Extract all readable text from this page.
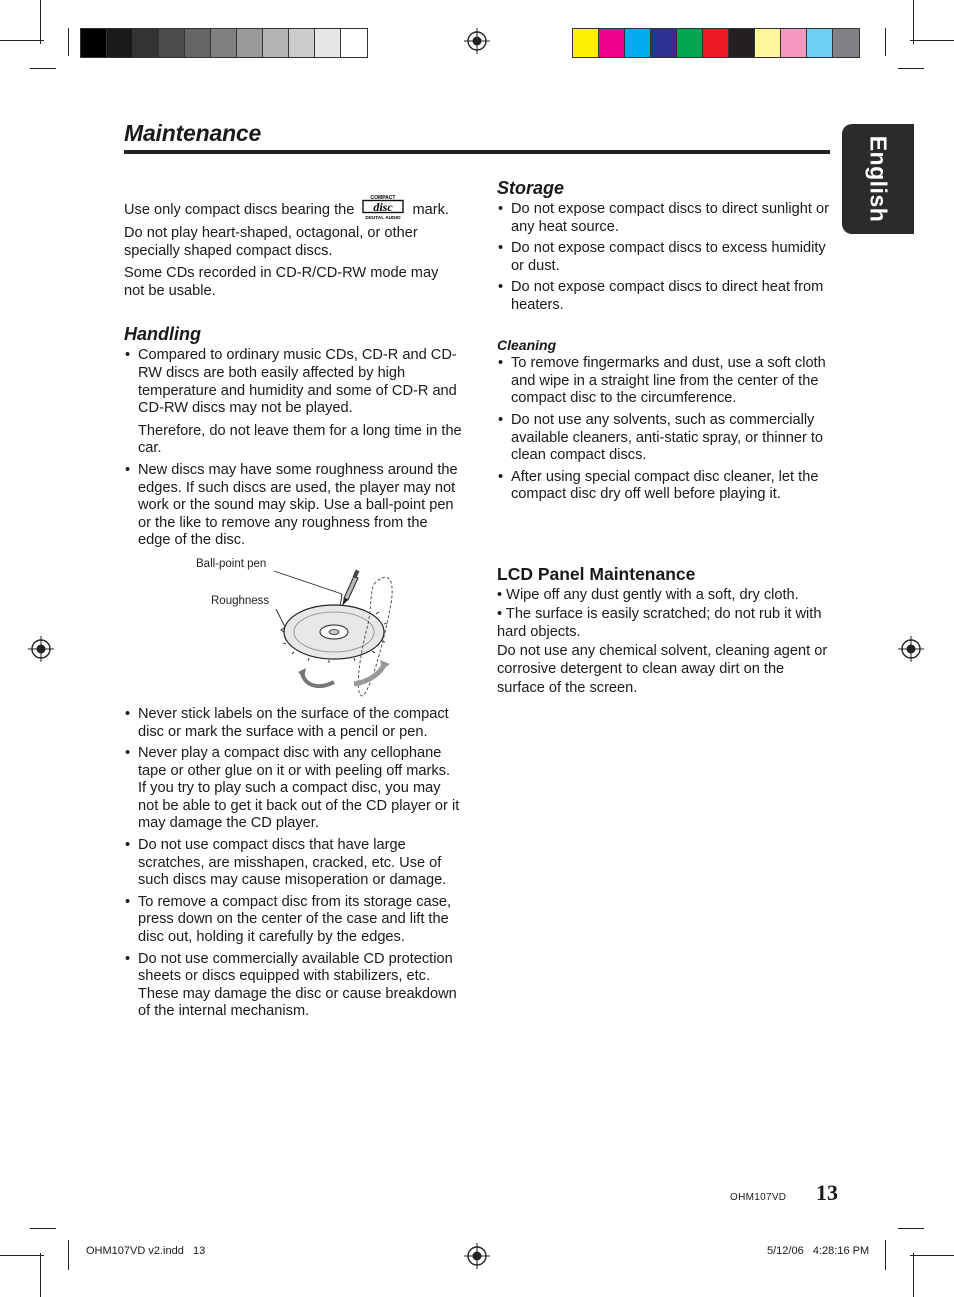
Maintenance
English

Use only compact discs bearing the
COMPACT
disc
DIGITAL AUDIO
mark.

Do not play heart-shaped, octagonal, or other specially shaped compact discs.

Some CDs recorded in CD-R/CD-RW mode may not be usable.

Handling
• Compared to ordinary music CDs, CD-R and CD-RW discs are both easily affected by high temperature and humidity and some of CD-R and CD-RW discs may not be played.
Therefore, do not leave them for a long time in the car.
• New discs may have some roughness around the edges. If such discs are used, the player may not work or the sound may skip. Use a ball-point pen or the like to remove any roughness from the edge of the disc.
Ball-point pen
Roughness
• Never stick labels on the surface of the compact disc or mark the surface with a pencil or pen.
• Never play a compact disc with any cellophane tape or other glue on it or with peeling off marks. If you try to play such a compact disc, you may not be able to get it back out of the CD player or it may damage the CD player.
• Do not use compact discs that have large scratches, are misshapen, cracked, etc. Use of such discs may cause misoperation or damage.
• To remove a compact disc from its storage case, press down on the center of the case and lift the disc out, holding it carefully by the edges.
• Do not use commercially available CD protection sheets or discs equipped with stabilizers, etc. These may damage the disc or cause breakdown of the internal mechanism.
Storage
• Do not expose compact discs to direct sunlight or any heat source.
• Do not expose compact discs to excess humidity or dust.
• Do not expose compact discs to direct heat from heaters.
Cleaning
• To remove fingermarks and dust, use a soft cloth and wipe in a straight line from the center of the compact disc to the circumference.
• Do not use any solvents, such as commercially available cleaners, anti-static spray, or thinner to clean compact discs.
• After using special compact disc cleaner, let the compact disc dry off well before playing it.
LCD Panel Maintenance
• Wipe off any dust gently with a soft, dry cloth.
• The surface is easily scratched; do not rub it with hard objects.
Do not use any chemical solvent, cleaning agent or corrosive detergent to clean away dirt on the surface of the screen.
OHM107VD 13
OHM107VD v2.indd   13	5/12/06   4:28:16 PM
